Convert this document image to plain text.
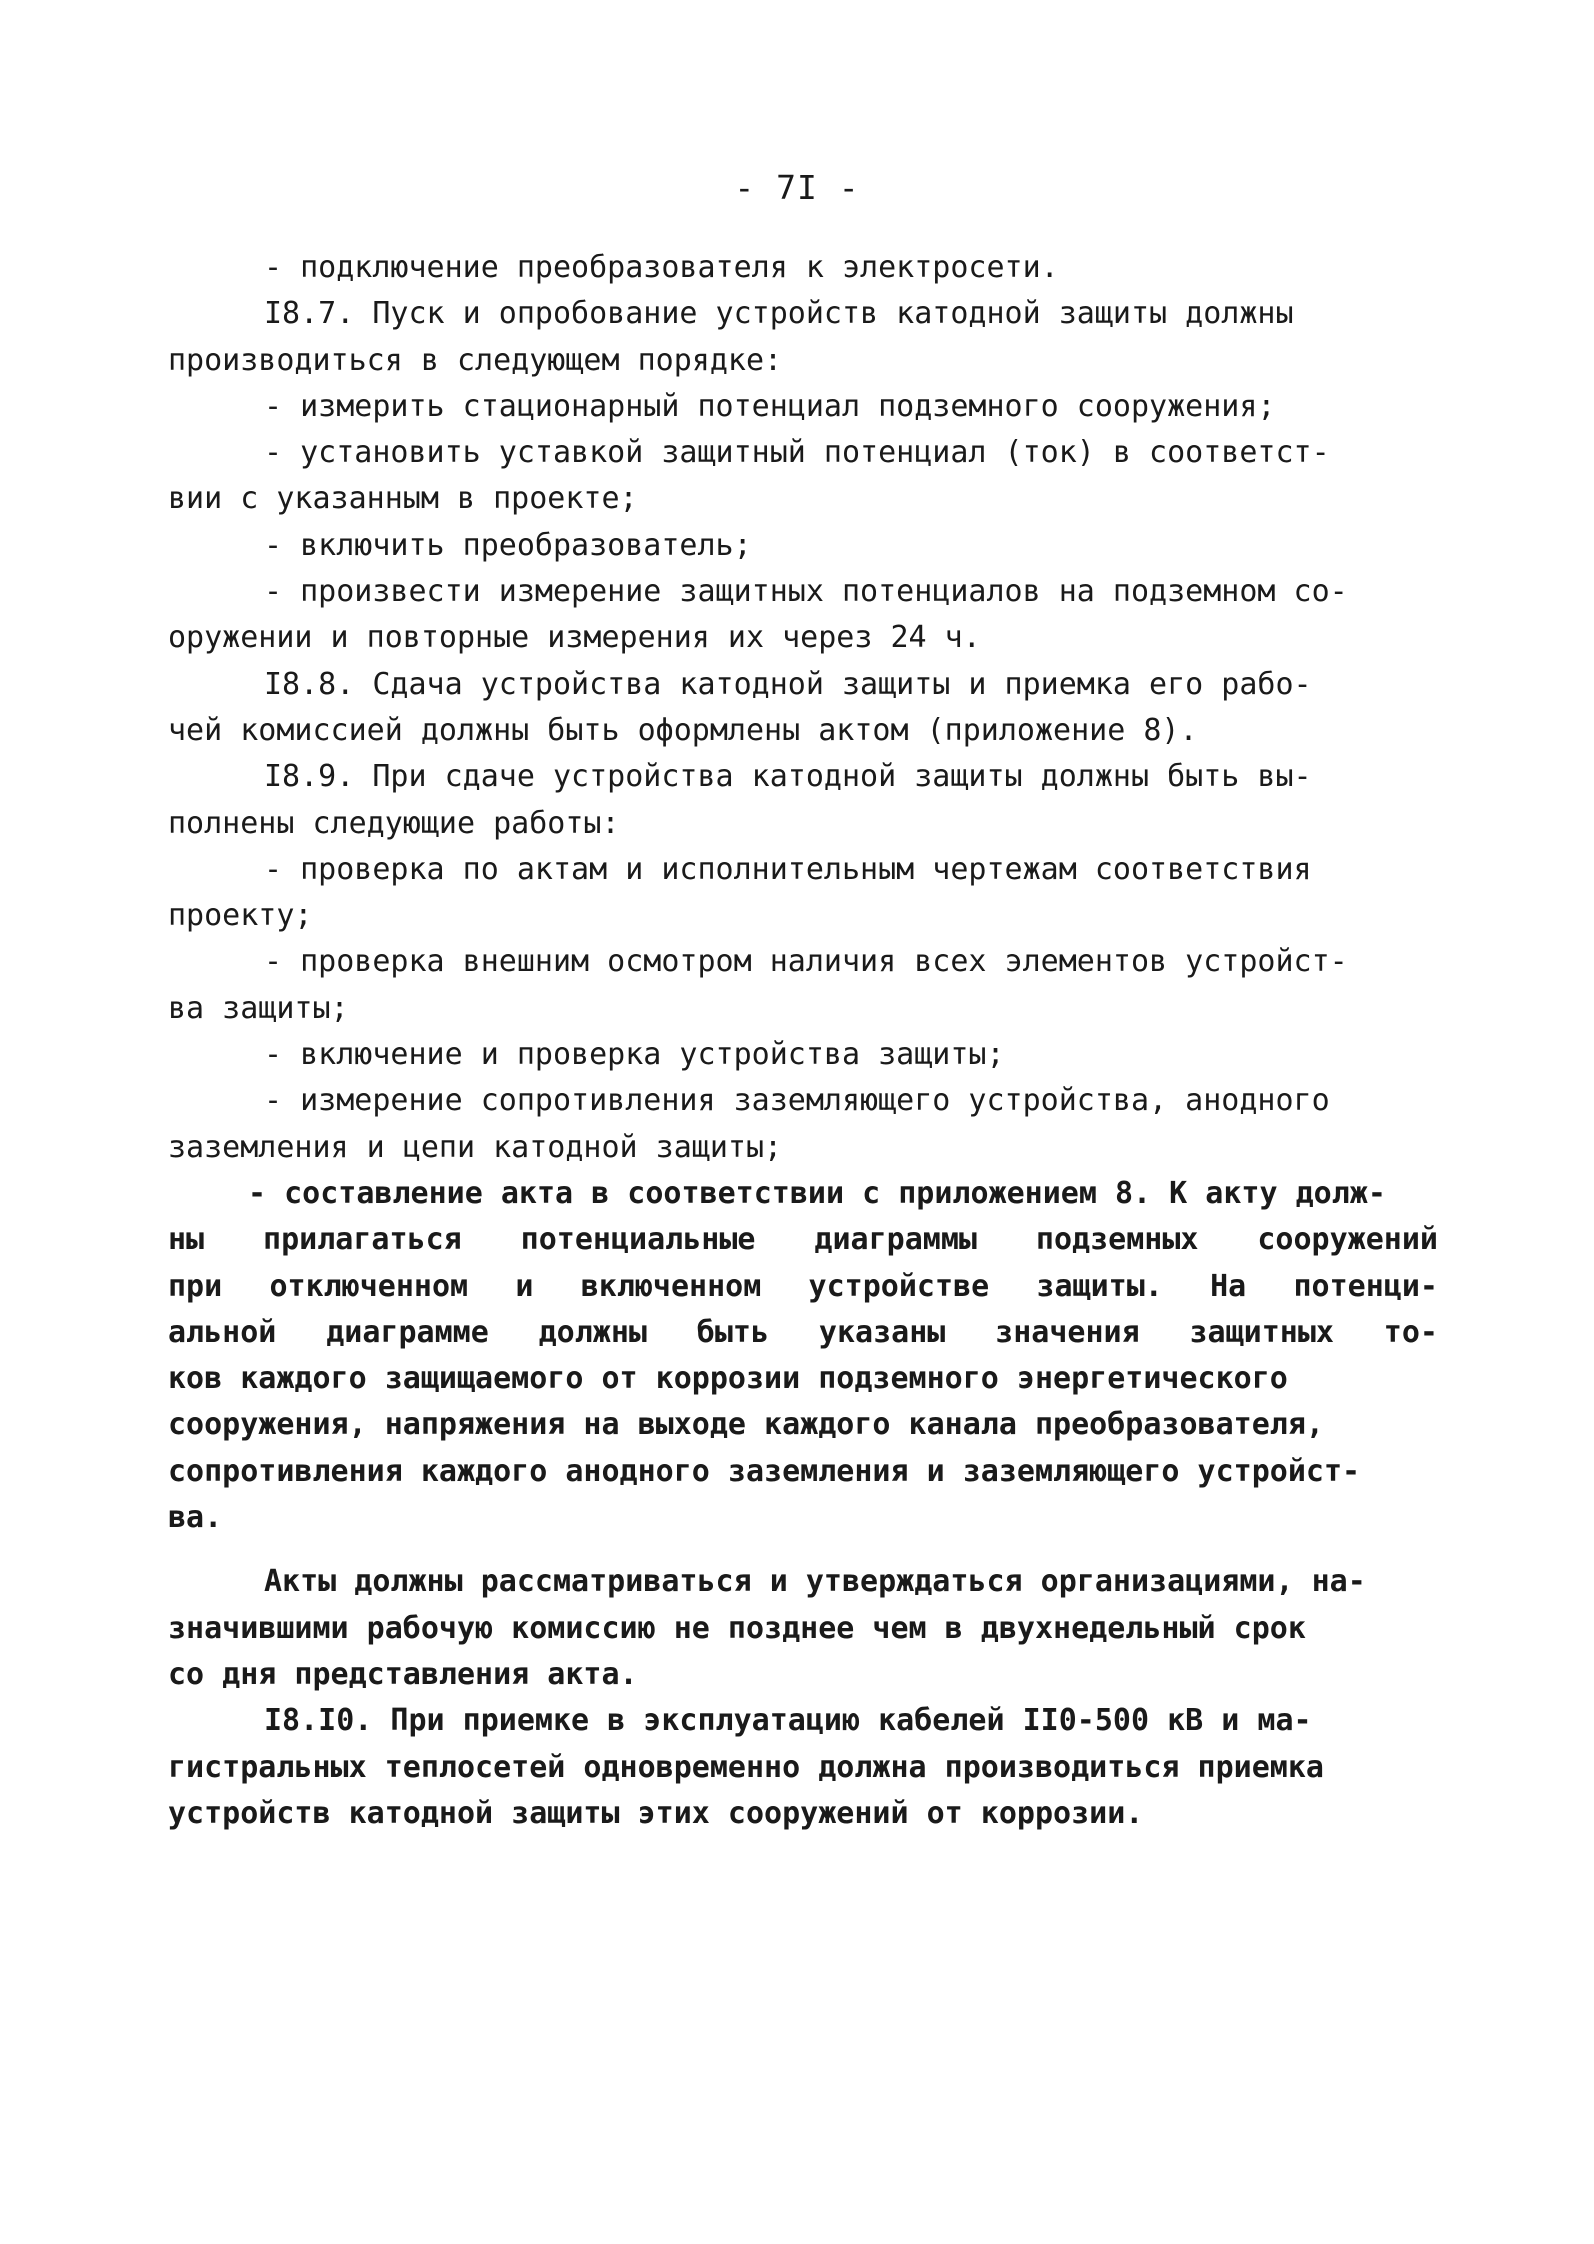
- 7I -
- подключение преобразователя к электросети.
I8.7. Пуск и опробование устройств катодной защиты должны
производиться в следующем порядке:
- измерить стационарный потенциал подземного сооружения;
- установить уставкой защитный потенциал (ток) в соответст-
вии с указанным в проекте;
- включить преобразователь;
- произвести измерение защитных потенциалов на подземном со-
оружении и повторные измерения их через 24 ч.
I8.8. Сдача устройства катодной защиты и приемка его рабо-
чей комиссией должны быть оформлены актом (приложение 8).
I8.9. При сдаче устройства катодной защиты должны быть вы-
полнены следующие работы:
- проверка по актам и исполнительным чертежам соответствия
проекту;
- проверка внешним осмотром наличия всех элементов устройст-
ва защиты;
- включение и проверка устройства защиты;
- измерение сопротивления заземляющего устройства, анодного
заземления и цепи катодной защиты;
- составление акта в соответствии с приложением 8. К акту долж-
ны прилагаться потенциальные диаграммы подземных сооружений
при отключенном и включенном устройстве защиты. На потенци-
альной диаграмме должны быть указаны значения защитных то-
ков каждого защищаемого от коррозии подземного энергетического
сооружения, напряжения на выходе каждого канала преобразователя,
сопротивления каждого анодного заземления и заземляющего устройст-
ва.
Акты должны рассматриваться и утверждаться организациями, на-
значившими рабочую комиссию не позднее чем в двухнедельный срок
со дня представления акта.
I8.I0. При приемке в эксплуатацию кабелей II0-500 кВ и ма-
гистральных теплосетей одновременно должна производиться приемка
устройств катодной защиты этих сооружений от коррозии.
